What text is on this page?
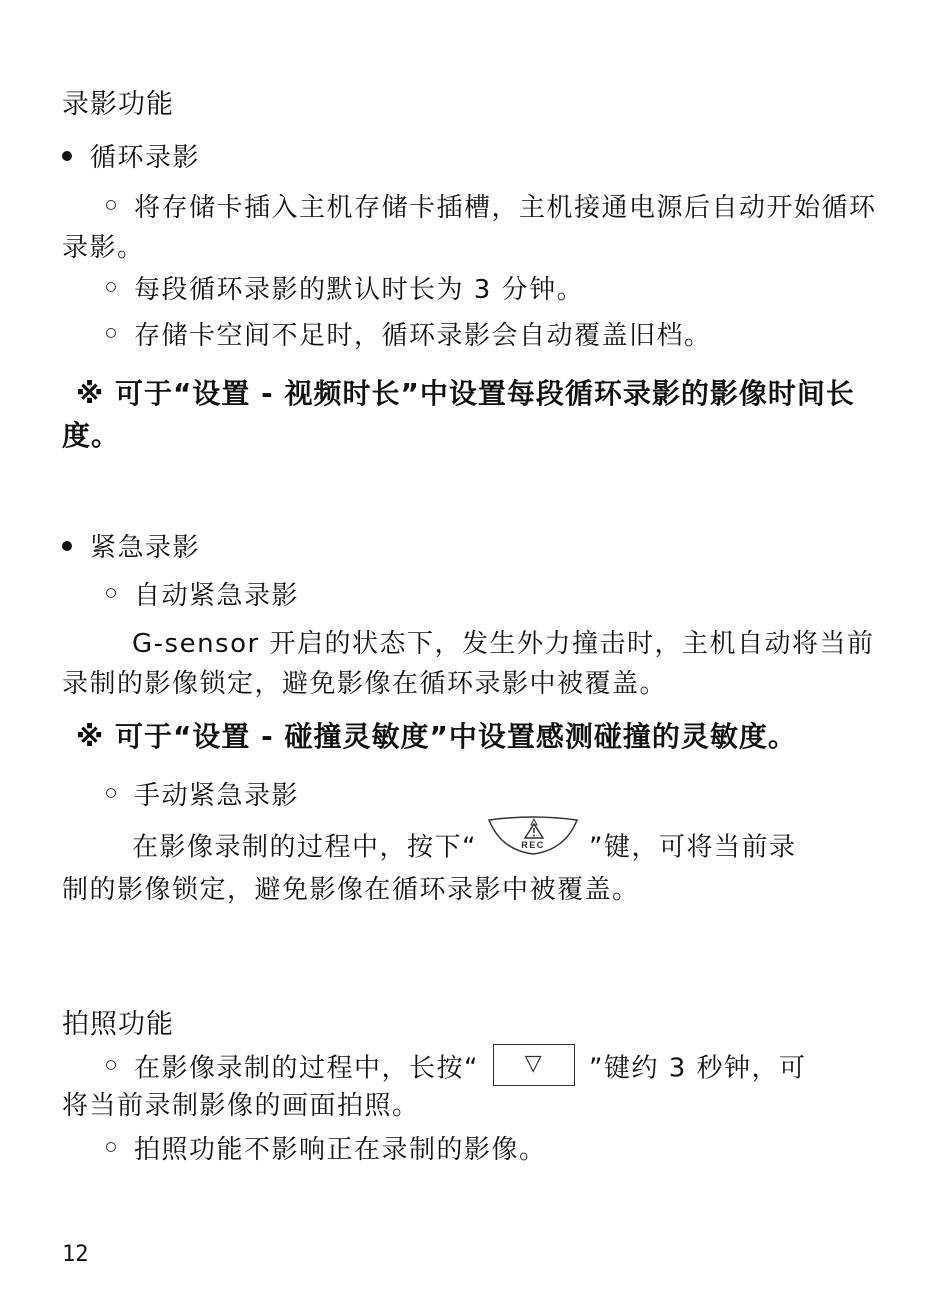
录影功能
循环录影
将存储卡插入主机存储卡插槽，主机接通电源后自动开始循环录影。
每段循环录影的默认时长为 3 分钟。
存储卡空间不足时，循环录影会自动覆盖旧档。
※ 可于“设置 - 视频时长”中设置每段循环录影的影像时间长度。
紧急录影
自动紧急录影
G-sensor 开启的状态下，发生外力撞击时，主机自动将当前录制的影像锁定，避免影像在循环录影中被覆盖。
※ 可于“设置 - 碰撞灵敏度”中设置感测碰撞的灵敏度。
手动紧急录影
在影像录制的过程中，按下“	REC ”键，可将当前录
制的影像锁定，避免影像在循环录影中被覆盖。
拍照功能
在影像录制的过程中，长按“ ▽ ”键约 3 秒钟，可
将当前录制影像的画面拍照。
拍照功能不影响正在录制的影像。
12
